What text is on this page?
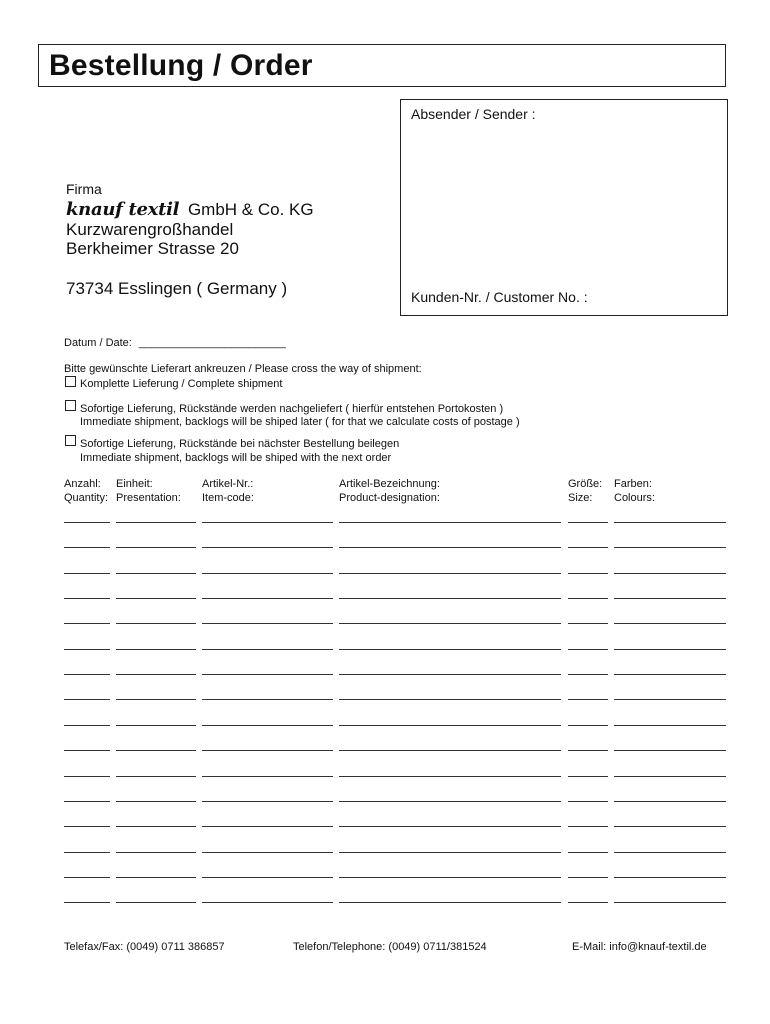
Bestellung / Order
Absender / Sender :
Kunden-Nr. / Customer No. :
Firma
knauf textil GmbH & Co. KG
Kurzwarengroßhandel
Berkheimer Strasse 20
73734 Esslingen ( Germany )
Datum / Date: ________________________
Bitte gewünschte Lieferart ankreuzen / Please cross the way of shipment:
Komplette Lieferung / Complete shipment
Sofortige Lieferung, Rückstände werden nachgeliefert ( hierfür entstehen Portokosten )
Immediate shipment, backlogs will be shiped later ( for that we calculate costs of postage )
Sofortige Lieferung, Rückstände bei nächster Bestellung beilegen
Immediate shipment, backlogs will be shiped with the next order
Anzahl:
Quantity:
Einheit:
Presentation:
Artikel-Nr.:
Item-code:
Artikel-Bezeichnung:
Product-designation:
Größe:
Size:
Farben:
Colours:
Telefax/Fax: (0049) 0711 386857	Telefon/Telephone: (0049) 0711/381524	E-Mail: info@knauf-textil.de
